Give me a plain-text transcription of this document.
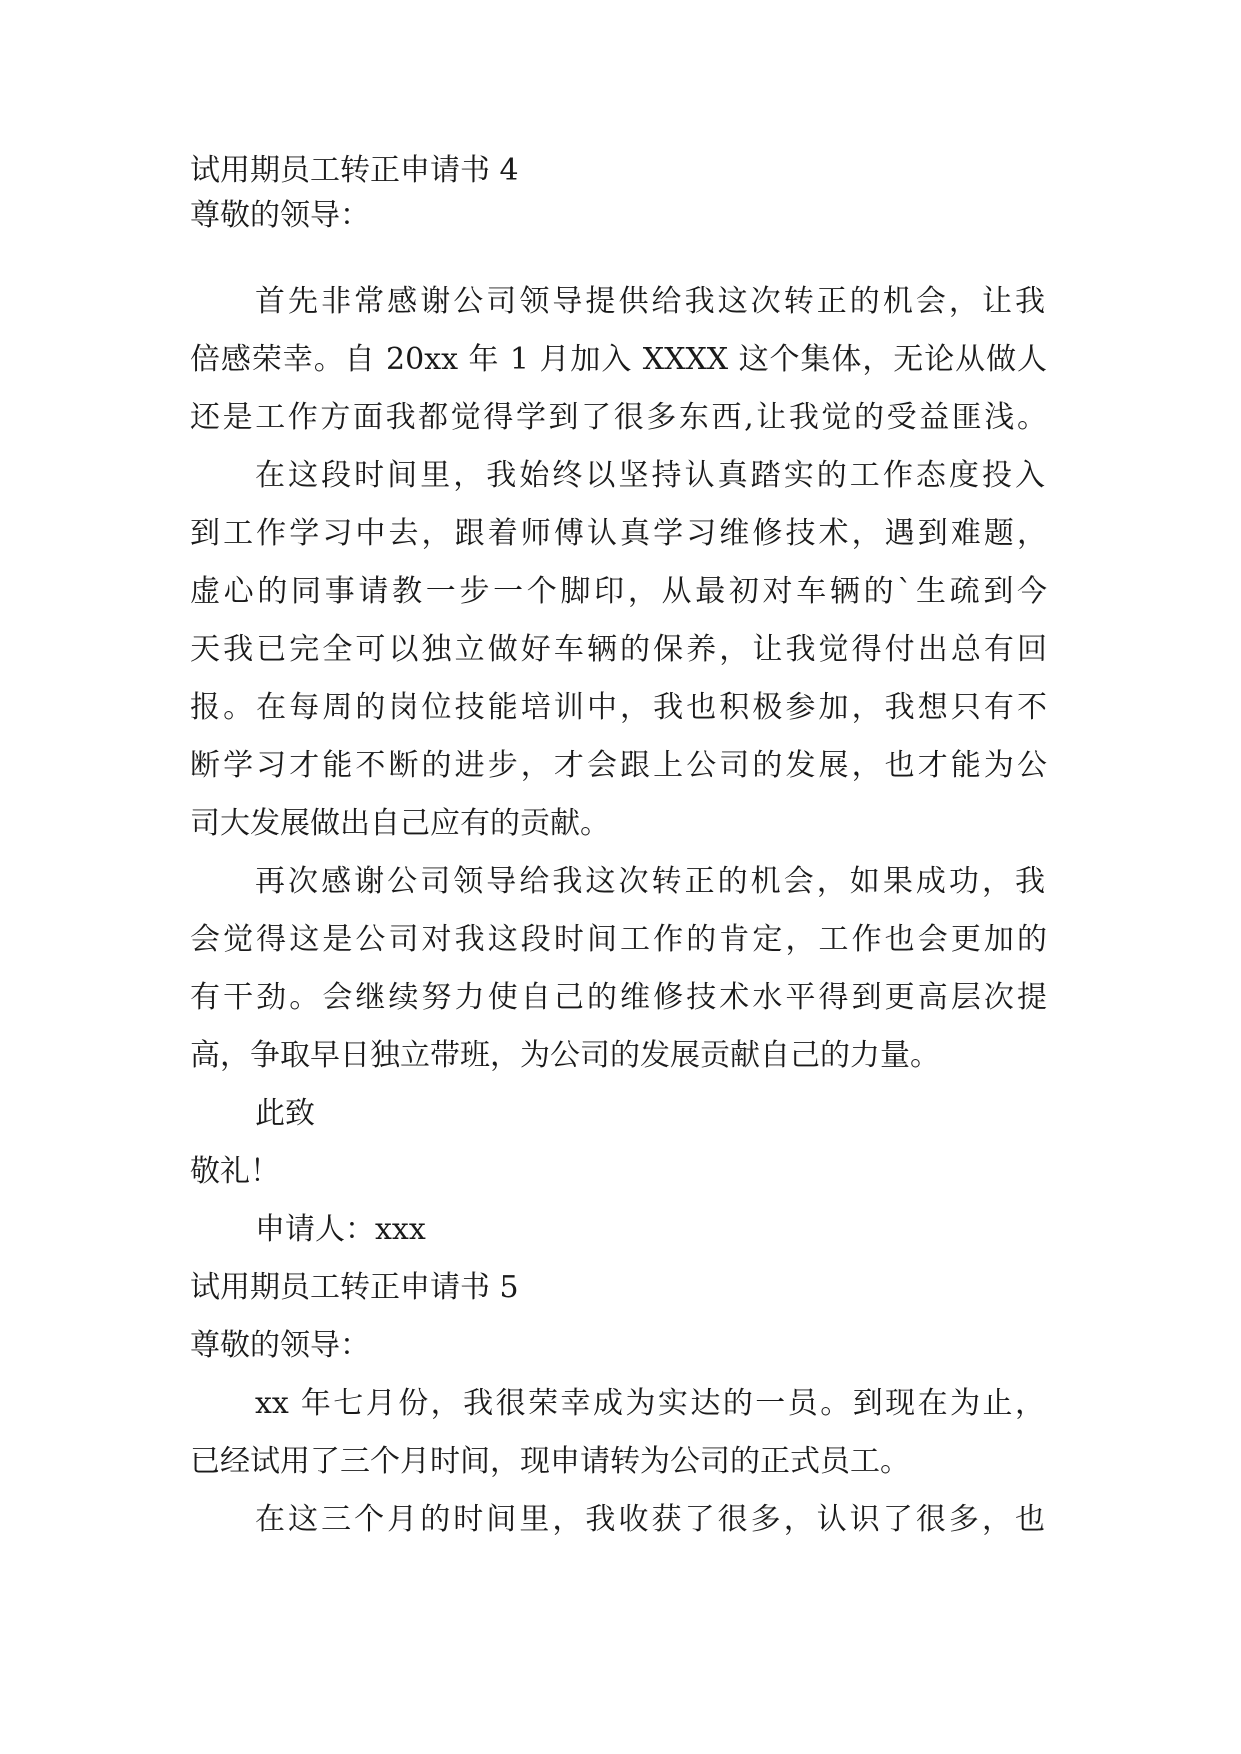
试用期员工转正申请书 4
尊敬的领导：
首先非常感谢公司领导提供给我这次转正的机会，让我
倍感荣幸。自 20xx 年 1 月加入 XXXX 这个集体，无论从做人
还是工作方面我都觉得学到了很多东西,让我觉的受益匪浅。
在这段时间里，我始终以坚持认真踏实的工作态度投入
到工作学习中去，跟着师傅认真学习维修技术，遇到难题，
虚心的同事请教一步一个脚印，从最初对车辆的`生疏到今
天我已完全可以独立做好车辆的保养，让我觉得付出总有回
报。在每周的岗位技能培训中，我也积极参加，我想只有不
断学习才能不断的进步，才会跟上公司的发展，也才能为公
司大发展做出自己应有的贡献。
再次感谢公司领导给我这次转正的机会，如果成功，我
会觉得这是公司对我这段时间工作的肯定，工作也会更加的
有干劲。会继续努力使自己的维修技术水平得到更高层次提
高，争取早日独立带班，为公司的发展贡献自己的力量。
此致
敬礼！
申请人：xxx
试用期员工转正申请书 5
尊敬的领导：
xx 年七月份，我很荣幸成为实达的一员。到现在为止，
已经试用了三个月时间，现申请转为公司的正式员工。
在这三个月的时间里，我收获了很多，认识了很多，也
